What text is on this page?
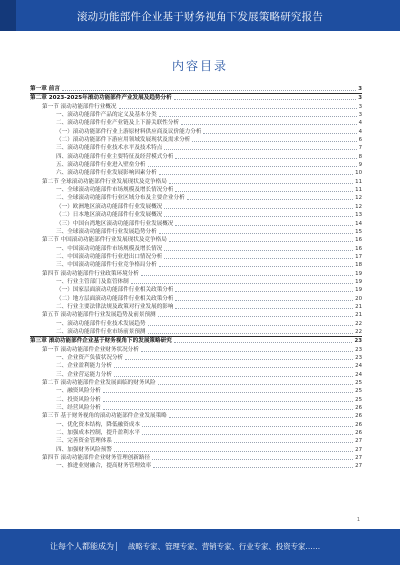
滚动功能部件企业基于财务视角下发展策略研究报告
内容目录
第一章 前言	3
第二章 2023-2025年滚动功能部件产业发展及趋势分析	3
第一节 滚动功能部件行业概况	3
一、滚动功能部件产品的定义及基本分类	3
二、滚动功能部件行业产业链及上下游关联性分析	4
（一）滚动功能部件行业上游原材料供应商及议价能力分析	4
（二）滚动功能部件下游应用领域发展现状及需求分析	6
三、滚动功能部件行业技术水平及技术特点	7
四、滚动功能部件行业主要特征及经营模式分析	8
五、滚动功能部件行业进入壁垒分析	9
六、滚动功能部件行业发展影响因素分析	10
第二节 全球滚动功能部件行业发展现状及竞争格局	11
一、全球滚动功能部件市场规模及增长情况分析	11
二、全球滚动功能部件行业区域分布及主要企业分析	12
（一）欧洲地区滚动功能部件行业发展概况	12
（二）日本地区滚动功能部件行业发展概况	13
（三）中国台湾地区滚动功能部件行业发展概况	14
三、全球滚动功能部件行业发展趋势分析	15
第三节 中国滚动功能部件行业发展现状及竞争格局	16
一、中国滚动功能部件市场规模及增长情况	16
二、中国滚动功能部件行业进出口情况分析	17
三、中国滚动功能部件行业竞争格局分析	18
第四节 滚动功能部件行业政策环境分析	19
一、行业主管部门及监管体制	19
（一）国家层面滚动功能部件行业相关政策分析	19
（二）地方层面滚动功能部件行业相关政策分析	20
二、行业主要法律法规及政策对行业发展的影响	21
第五节 滚动功能部件行业发展趋势及前景预测	21
一、滚动功能部件行业技术发展趋势	22
二、滚动功能部件行业市场前景预测	22
第三章 滚动功能部件企业基于财务视角下的发展策略研究	23
第一节 滚动功能部件企业财务状况分析	23
一、企业资产负债状况分析	23
二、企业盈利能力分析	24
三、企业营运能力分析	24
第二节 滚动功能部件企业发展面临的财务风险	25
一、融资风险分析	25
二、投资风险分析	25
三、经营风险分析	26
第三节 基于财务视角的滚动功能部件企业发展策略	26
一、优化资本结构，降低融资成本	26
二、加强成本控制，提升盈利水平	26
三、完善资金管理体系	27
四、加强财务风险预警	27
第四节 滚动功能部件企业财务管理创新路径	27
一、推进业财融合，提高财务管理效率	27
1
让每个人都能成为 战略专家、管理专家、营销专家、行业专家、投资专家……
